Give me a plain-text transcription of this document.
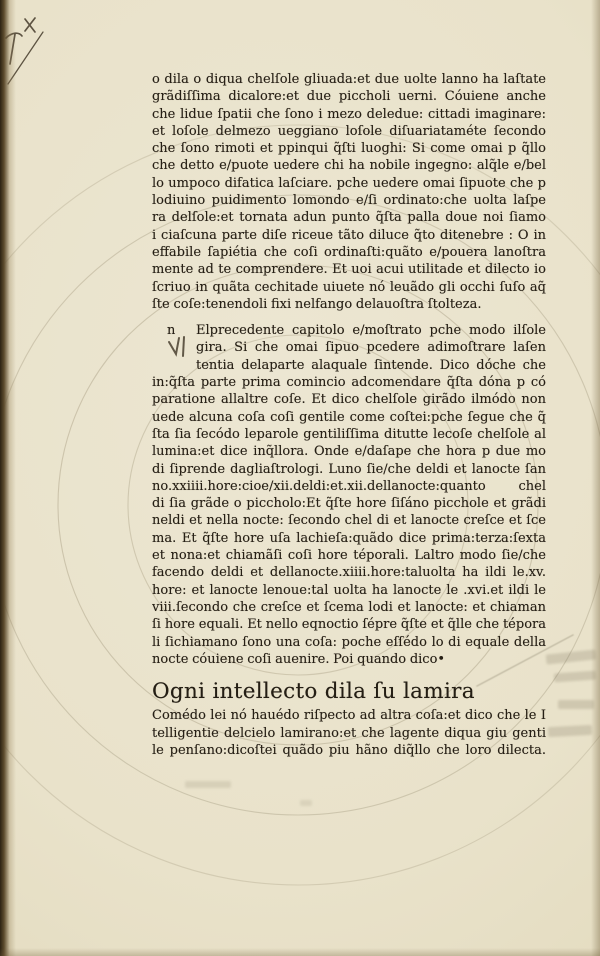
o dila o diqua chelſole gliuada:et due uolte lanno ha laſtate
grãdiſſima dicalore:et due piccholi uerni. Cóuiene anche
che lidue ſpatii che ſono i mezo deledue: cittadi imaginare:
et loſole delmezo ueggiano loſole diſuariataméte ſecondo
che ſono rimoti et ppinqui q̃ſti luoghi: Si come omai p q̃llo
che detto e/puote uedere chi ha nobile ingegno: alq̃le e/bel
lo umpoco difatica laſciare. pche uedere omai ſipuote che p
lodiuino puidimento lomondo e/ſi ordinato:che uolta laſpe
ra delſole:et tornata adun punto q̃ſta palla doue noi ſiamo
i ciaſcuna parte diſe riceue tãto diluce q̃to ditenebre : O in
effabile ſapiétia che coſi ordinaſti:quãto e/pouera lanoſtra
mente ad te comprendere. Et uoi acui utilitade et dilecto io
ſcriuo in quãta cechitade uiuete nó leuãdo gli occhi ſuſo aq̃
ſte coſe:tenendoli fixi nelfango delauoſtra ſtolteza.
n	Elprecedente capitolo e/moſtrato pche modo ilſole
gira. Si che omai ſipuo pcedere adimoſtrare laſen
tentia delaparte alaquale ſintende. Dico dóche che
in:q̃ſta parte prima comincio adcomendare q̃ſta dóna p có
paratione allaltre coſe. Et dico chelſole girãdo ilmódo non
uede alcuna coſa coſi gentile come coſtei:pche ſegue che q̃
ſta ſia ſecódo leparole gentiliſſima ditutte lecoſe chelſole al
lumina:et dice inq̃llora. Onde e/daſape che hora p due mo
di ſiprende dagliaſtrologi. Luno ſie/che deldi et lanocte ſan
no.xxiiii.hore:cioe/xii.deldi:et.xii.dellanocte:quanto chel
di ſia grãde o piccholo:Et q̃ſte hore ſiſáno picchole et grãdi
neldi et nella nocte: ſecondo chel di et lanocte creſce et ſce
ma. Et q̃ſte hore uſa lachieſa:quãdo dice prima:terza:ſexta
et nona:et chiamãſi coſi hore téporali. Laltro modo ſie/che
facendo deldi et dellanocte.xiiii.hore:taluolta ha ildi le.xv.
hore: et lanocte lenoue:tal uolta ha lanocte le .xvi.et ildi le
viii.ſecondo che creſce et ſcema lodi et lanocte: et chiaman
ſi hore equali. Et nello eqnoctio ſépre q̃ſte et q̃lle che tépora
li ſichiamano ſono una coſa: poche eſſédo lo di equale della
nocte cóuiene coſi auenire. Poi quando dico•
Ogni intellecto dila ſu lamira
Comédo lei nó hauédo riſpecto ad altra coſa:et dico che le I
telligentie delcielo lamirano:et che lagente diqua giu genti
le penſano:dicoſtei quãdo piu hãno diq̃llo che loro dilecta.
